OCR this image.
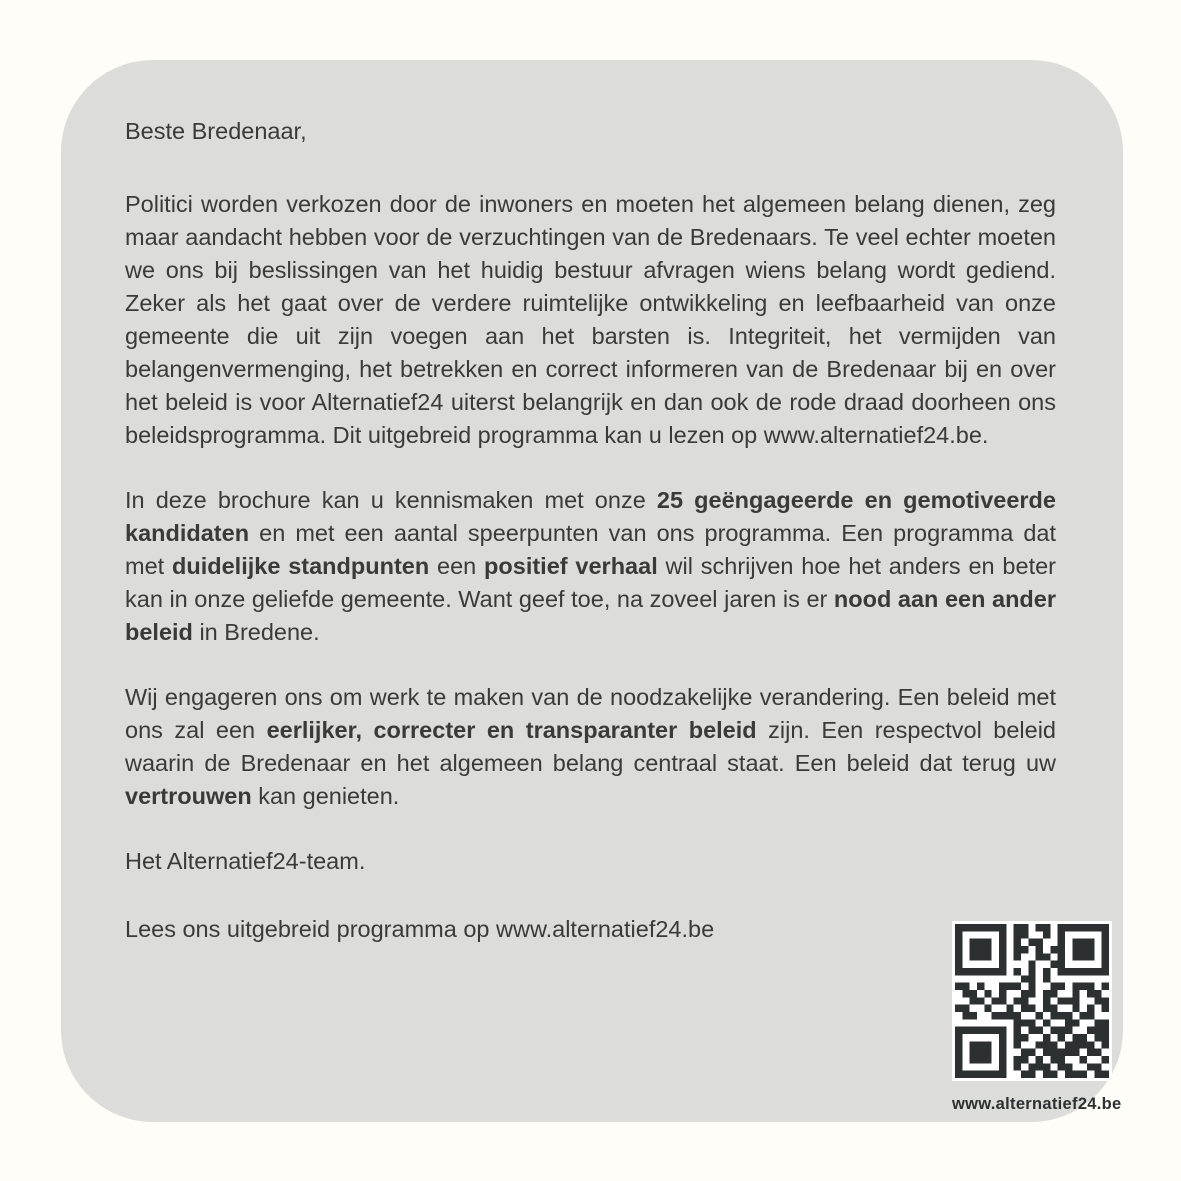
Beste Bredenaar,

Politici worden verkozen door de inwoners en moeten het algemeen belang dienen, zeg maar aandacht hebben voor de verzuchtingen van de Bredenaars. Te veel echter moeten we ons bij beslissingen van het huidig bestuur afvragen wiens belang wordt gediend. Zeker als het gaat over de verdere ruimtelijke ontwikkeling en leefbaarheid van onze gemeente die uit zijn voegen aan het barsten is. Integriteit, het vermijden van belangenvermenging, het betrekken en correct informeren van de Bredenaar bij en over het beleid is voor Alternatief24 uiterst belangrijk en dan ook de rode draad doorheen ons beleidsprogramma. Dit uitgebreid programma kan u lezen op www.alternatief24.be.

In deze brochure kan u kennismaken met onze 25 geëngageerde en gemotiveerde kandidaten en met een aantal speerpunten van ons programma. Een programma dat met duidelijke standpunten een positief verhaal wil schrijven hoe het anders en beter kan in onze geliefde gemeente. Want geef toe, na zoveel jaren is er nood aan een ander beleid in Bredene.

Wij engageren ons om werk te maken van de noodzakelijke verandering. Een beleid met ons zal een eerlijker, correcter en transparanter beleid zijn. Een respectvol beleid waarin de Bredenaar en het algemeen belang centraal staat. Een beleid dat terug uw vertrouwen kan genieten.

Het Alternatief24-team.

Lees ons uitgebreid programma op www.alternatief24.be

www.alternatief24.be
